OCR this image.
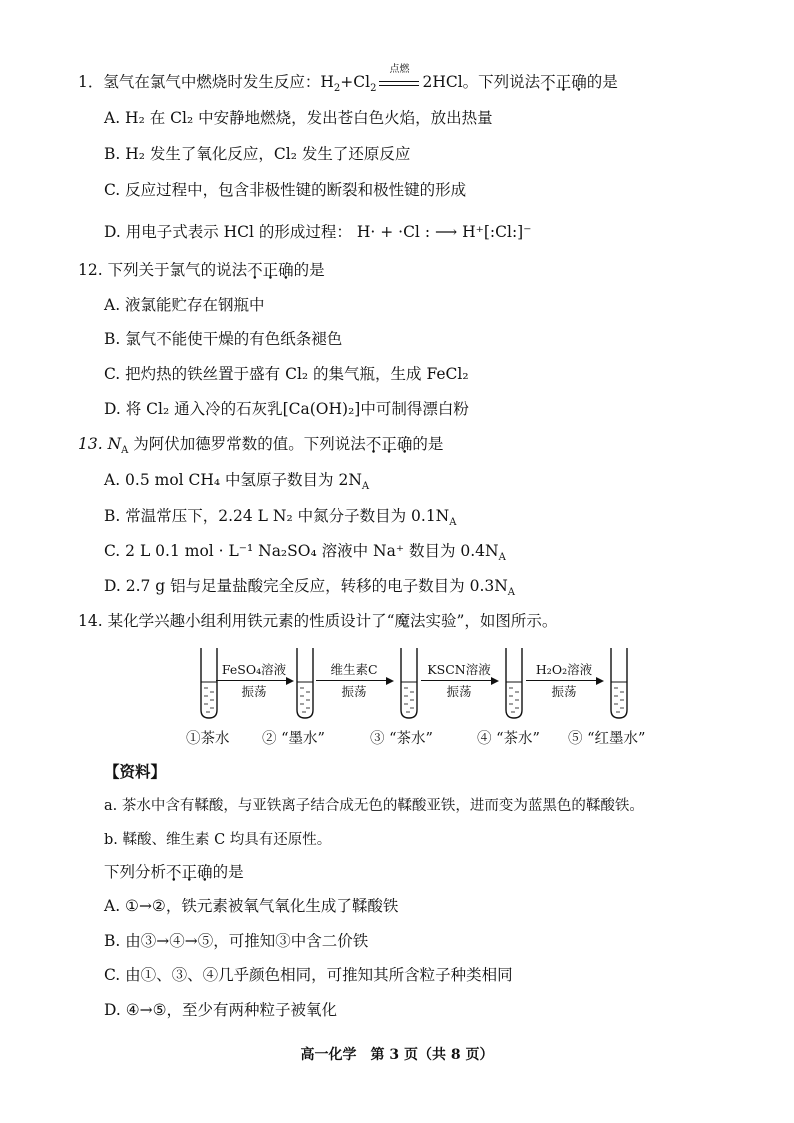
1．氢气在氯气中燃烧时发生反应：$H_2+Cl_2$
点燃
2HCl。下列说法不正确的是
A. H₂ 在 Cl₂ 中安静地燃烧，发出苍白色火焰，放出热量
B. H₂ 发生了氧化反应，Cl₂ 发生了还原反应
C. 反应过程中，包含非极性键的断裂和极性键的形成
D. 用电子式表示 HCl 的形成过程： H· + ·Cl : ⟶ H⁺[:Cl:]⁻
12. 下列关于氯气的说法不正确的是
A. 液氯能贮存在钢瓶中
B. 氯气不能使干燥的有色纸条褪色
C. 把灼热的铁丝置于盛有 Cl₂ 的集气瓶，生成 FeCl₂
D. 将 Cl₂ 通入冷的石灰乳[Ca(OH)₂]中可制得漂白粉
13. $N_A$ 为阿伏加德罗常数的值。下列说法不正确的是
A. 0.5 mol CH₄ 中氢原子数目为 $2N_A$
B. 常温常压下，2.24 L N₂ 中氮分子数目为 $0.1N_A$
C. 2 L 0.1 mol · L⁻¹ Na₂SO₄ 溶液中 Na⁺ 数目为 $0.4N_A$
D. 2.7 g 铝与足量盐酸完全反应，转移的电子数目为 $0.3N_A$
14. 某化学兴趣小组利用铁元素的性质设计了“魔法实验”，如图所示。
FeSO₄溶液
振荡
维生素C
振荡
KSCN溶液
振荡
H₂O₂溶液
振荡
①茶水 ② “墨水”	③ “茶水”	④ “茶水” ⑤ “红墨水”
【资料】
a. 茶水中含有鞣酸，与亚铁离子结合成无色的鞣酸亚铁，进而变为蓝黑色的鞣酸铁。
b. 鞣酸、维生素 C 均具有还原性。
下列分析不正确的是
A. ①→②，铁元素被氧气氧化生成了鞣酸铁
B. 由③→④→⑤，可推知③中含二价铁
C. 由①、③、④几乎颜色相同，可推知其所含粒子种类相同
D. ④→⑤，至少有两种粒子被氧化
高一化学　第 3 页（共 8 页）
